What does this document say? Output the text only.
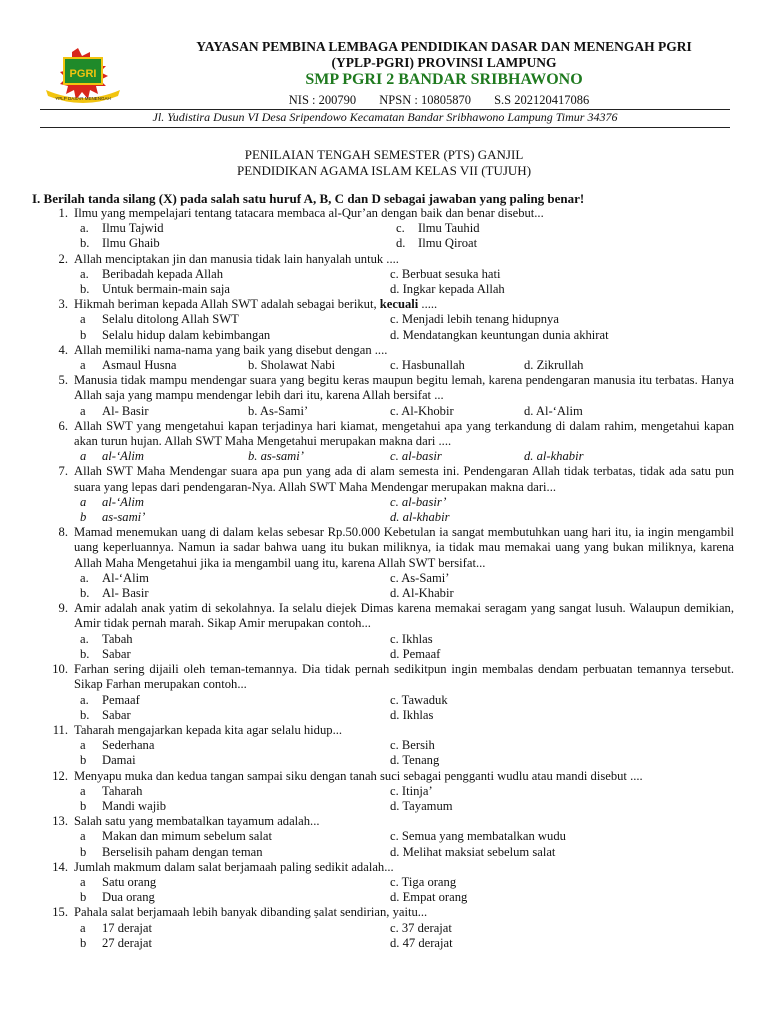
PGRI
YPLP DASAR MENENGAH
YAYASAN PEMBINA LEMBAGA PENDIDIKAN DASAR DAN MENENGAH PGRI
(YPLP-PGRI) PROVINSI LAMPUNG
SMP PGRI 2 BANDAR SRIBHAWONO
NIS : 200790 NPSN : 10805870 S.S 202120417086
Jl. Yudistira Dusun VI Desa Sripendowo Kecamatan Bandar Sribhawono Lampung Timur 34376
PENILAIAN TENGAH SEMESTER (PTS) GANJIL
PENDIDIKAN AGAMA ISLAM KELAS VII (TUJUH)
I. Berilah tanda silang (X) pada salah satu huruf A, B, C dan D sebagai jawaban yang paling benar!
1. Ilmu yang mempelajari tentang tatacara membaca al-Qur’an dengan baik dan benar disebut...
a.	Ilmu Tajwid	c.	Ilmu Tauhid
b. Ilmu Ghaib	d. Ilmu Qiroat
2. Allah menciptakan jin dan manusia tidak lain hanyalah untuk ....
a.	Beribadah kepada Allah	c. Berbuat sesuka hati
b. Untuk bermain-main saja	d. Ingkar kepada Allah
3. Hikmah beriman kepada Allah SWT adalah sebagai berikut, kecuali .....
a	Selalu ditolong Allah SWT	c. Menjadi lebih tenang hidupnya
b	Selalu hidup dalam kebimbangan	d. Mendatangkan keuntungan dunia akhirat
4. Allah memiliki nama-nama yang baik yang disebut dengan ....
a	Asmaul Husna	b. Sholawat Nabi	c. Hasbunallah	d. Zikrullah
5. Manusia tidak mampu mendengar suara yang begitu keras maupun begitu lemah, karena pendengaran manusia itu terbatas. Hanya Allah saja yang mampu mendengar lebih dari itu, karena Allah bersifat ...
a	Al- Basir	b. As-Sami’	c. Al-Khobir	d. Al-‘Alim
6. Allah SWT yang mengetahui kapan terjadinya hari kiamat, mengetahui apa yang terkandung di dalam rahim, mengetahui kapan akan turun hujan. Allah SWT Maha Mengetahui merupakan makna dari ....
a	al-‘Alim	b. as-sami’	c. al-basir	d. al-khabir
7. Allah SWT Maha Mendengar suara apa pun yang ada di alam semesta ini. Pendengaran Allah tidak terbatas, tidak ada satu pun suara yang lepas dari pendengaran-Nya. Allah SWT Maha Mendengar merupakan makna dari...
a	al-‘Alim	c. al-basir’
b	as-sami’	d. al-khabir
8. Mamad menemukan uang di dalam kelas sebesar Rp.50.000 Kebetulan ia sangat membutuhkan uang hari itu, ia ingin mengambil uang keperluannya. Namun ia sadar bahwa uang itu bukan miliknya, ia tidak mau memakai uang yang bukan miliknya, karena Allah Maha Mengetahui jika ia mengambil uang itu, karena Allah SWT bersifat...
a.	Al-‘Alim	c. As-Sami’
b. Al- Basir	d. Al-Khabir
9. Amir adalah anak yatim di sekolahnya. Ia selalu diejek Dimas karena memakai seragam yang sangat lusuh. Walaupun demikian, Amir tidak pernah marah. Sikap Amir merupakan contoh...
a.	Tabah	c. Ikhlas
b. Sabar	d. Pemaaf
10. Farhan sering dijaili oleh teman-temannya. Dia tidak pernah sedikitpun ingin membalas dendam perbuatan temannya tersebut. Sikap Farhan merupakan contoh...
a.	Pemaaf	c. Tawaduk
b. Sabar	d. Ikhlas
11. Taharah mengajarkan kepada kita agar selalu hidup...
a	Sederhana	c. Bersih
b	Damai	d. Tenang
12. Menyapu muka dan kedua tangan sampai siku dengan tanah suci sebagai pengganti wudlu atau mandi disebut ....
a	Taharah	c. Itinja’
b	Mandi wajib	d. Tayamum
13. Salah satu yang membatalkan tayamum adalah...
a	Makan dan mimum sebelum salat	c. Semua yang membatalkan wudu
b	Berselisih paham dengan teman	d. Melihat maksiat sebelum salat
14. Jumlah makmum dalam salat berjamaah paling sedikit adalah...
a	Satu orang	c. Tiga orang
b	Dua orang	d. Empat orang
15. Pahala salat berjamaah lebih banyak dibanding ṣalat sendirian, yaitu...
a	17 derajat	c. 37 derajat
b	27 derajat	d. 47 derajat
